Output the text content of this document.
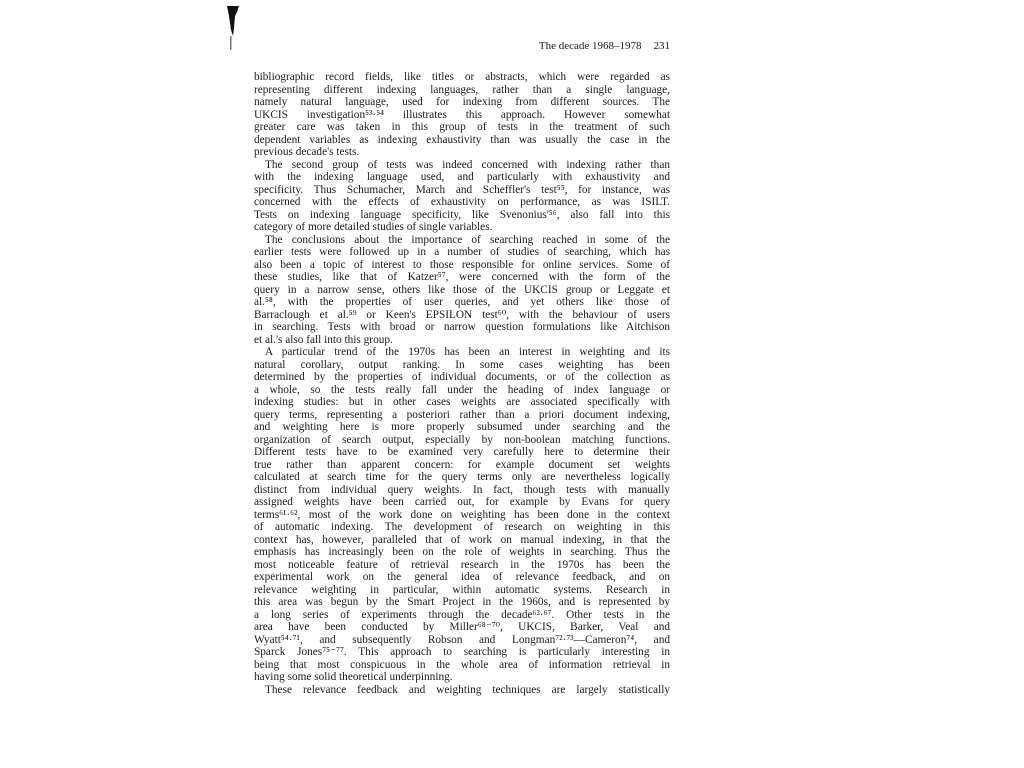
The decade 1968–1978 231
bibliographic record fields, like titles or abstracts, which were regarded as
representing different indexing languages, rather than a single language,
namely natural language, used for indexing from different sources. The
UKCIS investigation⁵³·⁵⁴ illustrates this approach. However somewhat
greater care was taken in this group of tests in the treatment of such
dependent variables as indexing exhaustivity than was usually the case in the
previous decade's tests.
The second group of tests was indeed concerned with indexing rather than
with the indexing language used, and particularly with exhaustivity and
specificity. Thus Schumacher, March and Scheffler's test⁵⁵, for instance, was
concerned with the effects of exhaustivity on performance, as was ISILT.
Tests on indexing language specificity, like Svenonius'⁵⁶, also fall into this
category of more detailed studies of single variables.
The conclusions about the importance of searching reached in some of the
earlier tests were followed up in a number of studies of searching, which has
also been a topic of interest to those responsible for online services. Some of
these studies, like that of Katzer⁵⁷, were concerned with the form of the
query in a narrow sense, others like those of the UKCIS group or Leggate et
al.⁵⁸, with the properties of user queries, and yet others like those of
Barraclough et al.⁵⁹ or Keen's EPSILON test⁶⁰, with the behaviour of users
in searching. Tests with broad or narrow question formulations like Aitchison
et al.'s also fall into this group.
A particular trend of the 1970s has been an interest in weighting and its
natural corollary, output ranking. In some cases weighting has been
determined by the properties of individual documents, or of the collection as
a whole, so the tests really fall under the heading of index language or
indexing studies: but in other cases weights are associated specifically with
query terms, representing a posteriori rather than a priori document indexing,
and weighting here is more properly subsumed under searching and the
organization of search output, especially by non-boolean matching functions.
Different tests have to be examined very carefully here to determine their
true rather than apparent concern: for example document set weights
calculated at search time for the query terms only are nevertheless logically
distinct from individual query weights. In fact, though tests with manually
assigned weights have been carried out, for example by Evans for query
terms⁶¹·⁶², most of the work done on weighting has been done in the context
of automatic indexing. The development of research on weighting in this
context has, however, paralleled that of work on manual indexing, in that the
emphasis has increasingly been on the role of weights in searching. Thus the
most noticeable feature of retrieval research in the 1970s has been the
experimental work on the general idea of relevance feedback, and on
relevance weighting in particular, within automatic systems. Research in
this area was begun by the Smart Project in the 1960s, and is represented by
a long series of experiments through the decade⁶³·⁶⁷. Other tests in the
area have been conducted by Miller⁶⁸⁻⁷⁰, UKCIS, Barker, Veal and
Wyatt⁵⁴·⁷¹, and subsequently Robson and Longman⁷²·⁷³—Cameron⁷⁴, and
Sparck Jones⁷⁵⁻⁷⁷. This approach to searching is particularly interesting in
being that most conspicuous in the whole area of information retrieval in
having some solid theoretical underpinning.
These relevance feedback and weighting techniques are largely statistically
